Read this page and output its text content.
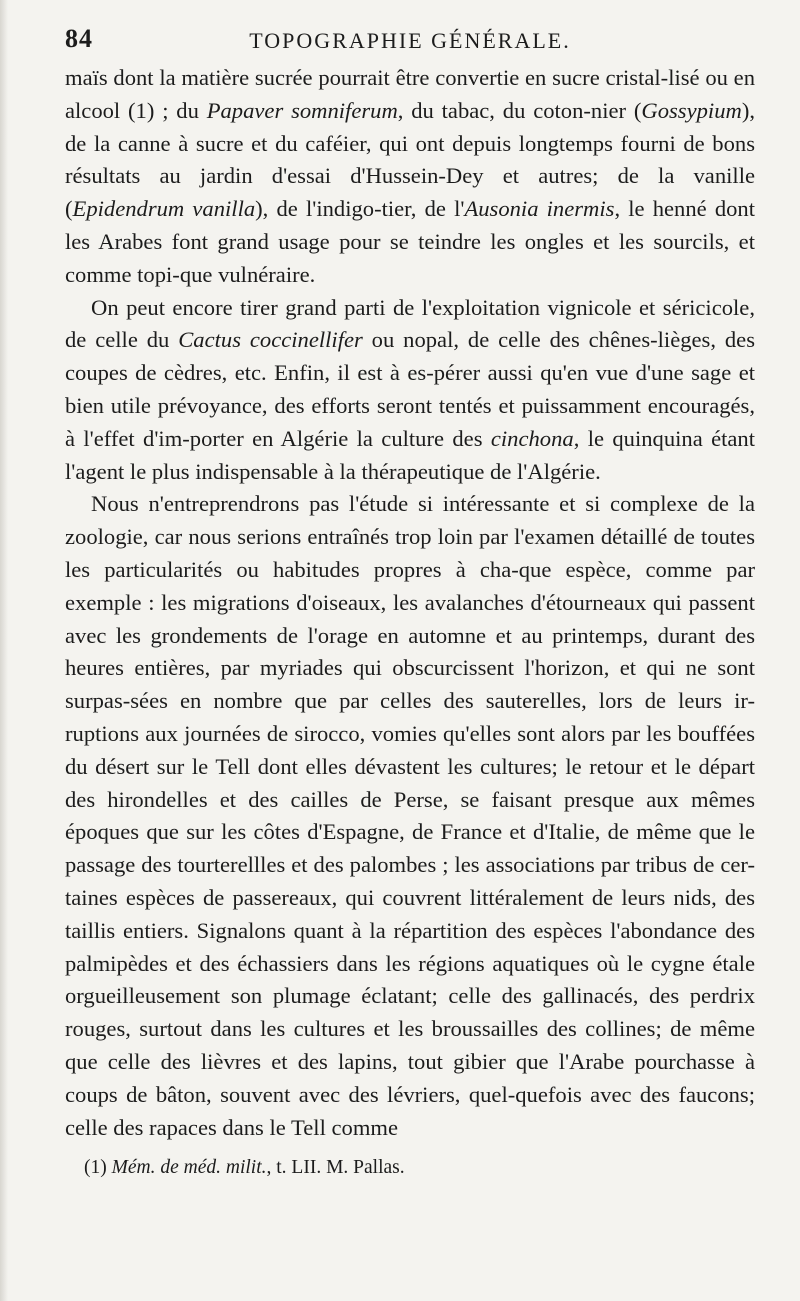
84	TOPOGRAPHIE GÉNÉRALE.

maïs dont la matière sucrée pourrait être convertie en sucre cristal-lisé ou en alcool (1) ; du Papaver somniferum, du tabac, du coton-nier (Gossypium), de la canne à sucre et du caféier, qui ont depuis longtemps fourni de bons résultats au jardin d'essai d'Hussein-Dey et autres; de la vanille (Epidendrum vanilla), de l'indigo-tier, de l'Ausonia inermis, le henné dont les Arabes font grand usage pour se teindre les ongles et les sourcils, et comme topi-que vulnéraire.

On peut encore tirer grand parti de l'exploitation vignicole et séricicole, de celle du Cactus coccinellifer ou nopal, de celle des chênes-lièges, des coupes de cèdres, etc. Enfin, il est à es-pérer aussi qu'en vue d'une sage et bien utile prévoyance, des efforts seront tentés et puissamment encouragés, à l'effet d'im-porter en Algérie la culture des cinchona, le quinquina étant l'agent le plus indispensable à la thérapeutique de l'Algérie.

Nous n'entreprendrons pas l'étude si intéressante et si complexe de la zoologie, car nous serions entraînés trop loin par l'examen détaillé de toutes les particularités ou habitudes propres à cha-que espèce, comme par exemple : les migrations d'oiseaux, les avalanches d'étourneaux qui passent avec les grondements de l'orage en automne et au printemps, durant des heures entières, par myriades qui obscurcissent l'horizon, et qui ne sont surpas-sées en nombre que par celles des sauterelles, lors de leurs ir-ruptions aux journées de sirocco, vomies qu'elles sont alors par les bouffées du désert sur le Tell dont elles dévastent les cultures; le retour et le départ des hirondelles et des cailles de Perse, se faisant presque aux mêmes époques que sur les côtes d'Espagne, de France et d'Italie, de même que le passage des tourterellles et des palombes ; les associations par tribus de cer-taines espèces de passereaux, qui couvrent littéralement de leurs nids, des taillis entiers. Signalons quant à la répartition des espèces l'abondance des palmipèdes et des échassiers dans les régions aquatiques où le cygne étale orgueilleusement son plumage éclatant; celle des gallinacés, des perdrix rouges, surtout dans les cultures et les broussailles des collines; de même que celle des lièvres et des lapins, tout gibier que l'Arabe pourchasse à coups de bâton, souvent avec des lévriers, quel-quefois avec des faucons; celle des rapaces dans le Tell comme

(1) Mém. de méd. milit., t. LII. M. Pallas.
